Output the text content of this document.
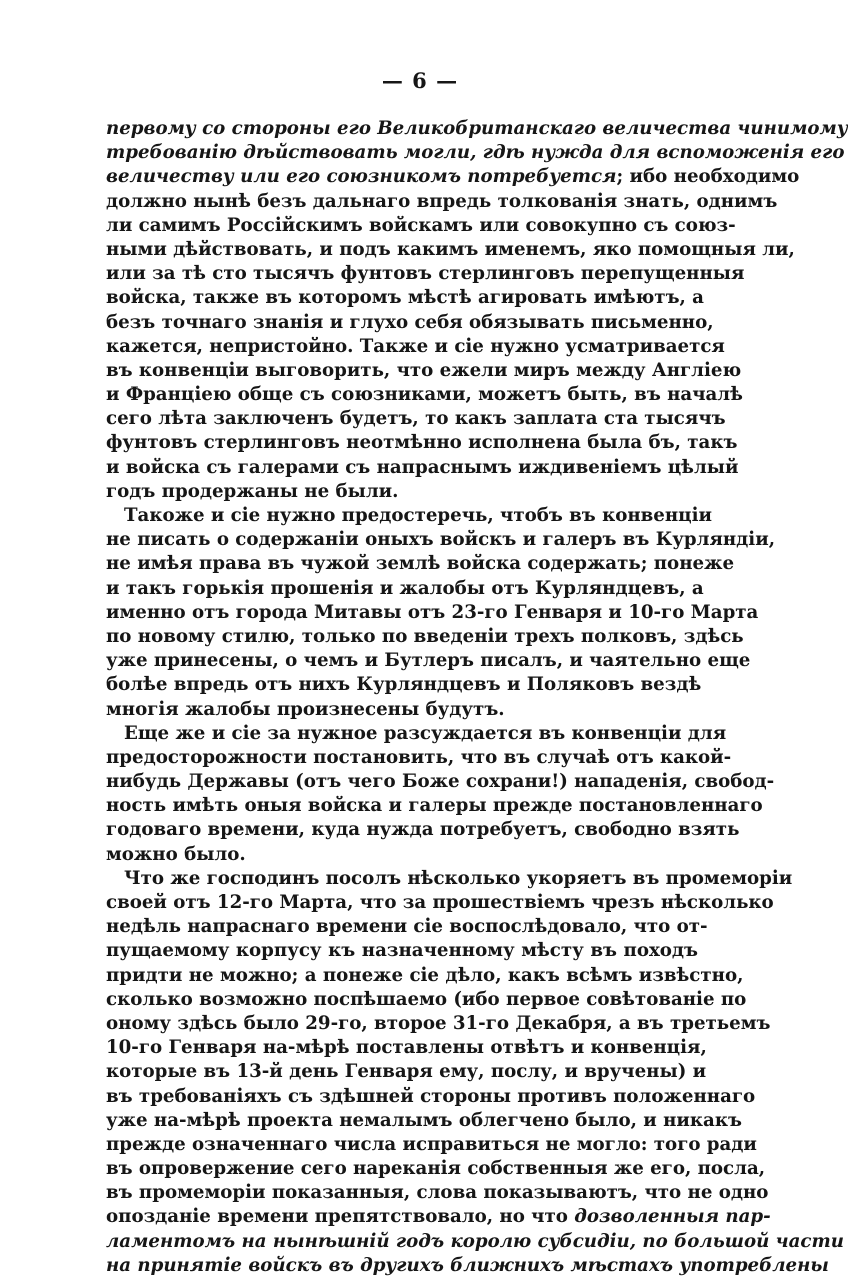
— 6 —
первому со стороны его Великобританскаго величества чинимому
требованію дѣйствовать могли, гдѣ нужда для вспоможенія его
величеству или его союзникомъ потребуется; ибо необходимо
должно нынѣ безъ дальнаго впредь толкованія знать, однимъ
ли самимъ Россійскимъ войскамъ или совокупно съ союз-
ными дѣйствовать, и подъ какимъ именемъ, яко помощныя ли,
или за тѣ сто тысячъ фунтовъ стерлинговъ перепущенныя
войска, также въ которомъ мѣстѣ агировать имѣютъ, а
безъ точнаго знанія и глухо себя обязывать письменно,
кажется, непристойно. Также и сіе нужно усматривается
въ конвенціи выговорить, что ежели миръ между Англіею
и Франціею обще съ союзниками, можетъ быть, въ началѣ
сего лѣта заключенъ будетъ, то какъ заплата ста тысячъ
фунтовъ стерлинговъ неотмѣнно исполнена была бъ, такъ
и войска съ галерами съ напраснымъ иждивеніемъ цѣлый
годъ продержаны не были.
Такоже и сіе нужно предостеречь, чтобъ въ конвенціи
не писать о содержаніи оныхъ войскъ и галеръ въ Курляндіи,
не имѣя права въ чужой землѣ войска содержать; понеже
и такъ горькія прошенія и жалобы отъ Курляндцевъ, а
именно отъ города Митавы отъ 23-го Генваря и 10-го Марта
по новому стилю, только по введеніи трехъ полковъ, здѣсь
уже принесены, о чемъ и Бутлеръ писалъ, и чаятельно еще
болѣе впредь отъ нихъ Курляндцевъ и Поляковъ вездѣ
многія жалобы произнесены будутъ.
Еще же и сіе за нужное разсуждается въ конвенціи для
предосторожности постановить, что въ случаѣ отъ какой-
нибудь Державы (отъ чего Боже сохрани!) нападенія, свобод-
ность имѣть оныя войска и галеры прежде постановленнаго
годоваго времени, куда нужда потребуетъ, свободно взять
можно было.
Что же господинъ посолъ нѣсколько укоряетъ въ промеморіи
своей отъ 12-го Марта, что за прошествіемъ чрезъ нѣсколько
недѣль напраснаго времени сіе воспослѣдовало, что от-
пущаемому корпусу къ назначенному мѣсту въ походъ
придти не можно; а понеже сіе дѣло, какъ всѣмъ извѣстно,
сколько возможно поспѣшаемо (ибо первое совѣтованіе по
оному здѣсь было 29-го, второе 31-го Декабря, а въ третьемъ
10-го Генваря на-мѣрѣ поставлены отвѣтъ и конвенція,
которые въ 13-й день Генваря ему, послу, и вручены) и
въ требованіяхъ съ здѣшней стороны противъ положеннаго
уже на-мѣрѣ проекта немалымъ облегчено было, и никакъ
прежде означеннаго числа исправиться не могло: того ради
въ опровержение сего нареканія собственныя же его, посла,
въ промеморіи показанныя, слова показываютъ, что не одно
опозданіе времени препятствовало, но что дозволенныя пар-
ламентомъ на нынѣшній годъ королю субсидіи, по большой части
на принятіе войскъ въ другихъ ближнихъ мѣстахъ употреблены
